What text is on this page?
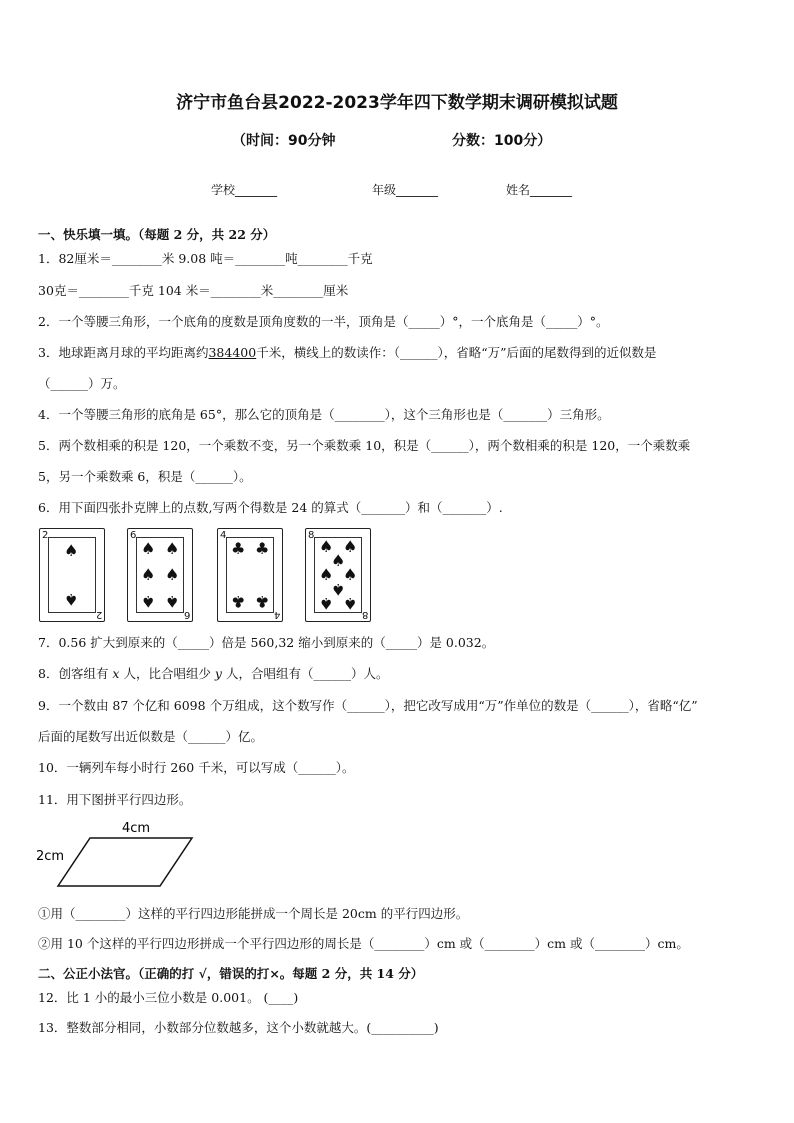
济宁市鱼台县2022-2023学年四下数学期末调研模拟试题
（时间：90分钟	分数：100分）
学校_______	年级_______	姓名_______
一、快乐填一填。（每题 2 分，共 22 分）
1．82厘米＝________米 9.08 吨＝________吨________千克
30克＝________千克 104 米＝________米________厘米
2．一个等腰三角形，一个底角的度数是顶角度数的一半，顶角是（_____）°，一个底角是（_____）°。
3．地球距离月球的平均距离约384400千米，横线上的数读作：（______），省略“万”后面的尾数得到的近似数是
（______）万。
4．一个等腰三角形的底角是 65°，那么它的顶角是（________），这个三角形也是（_______）三角形。
5．两个数相乘的积是 120，一个乘数不变，另一个乘数乘 10，积是（______），两个数相乘的积是 120，一个乘数乘
5，另一个乘数乘 6，积是（______）。
6．用下面四张扑克牌上的点数,写两个得数是 24 的算式（_______）和（_______）.
2
2
♠
♠
6
6
♠ ♠
♠ ♠
♠ ♠
4
4
♣ ♣
♣ ♣
8
8
♠ ♠
♠
♠ ♠
♠
♠ ♠
7．0.56 扩大到原来的（_____）倍是 560,32 缩小到原来的（_____）是 0.032。
8．创客组有 𝑥 人，比合唱组少 𝑦 人，合唱组有（______）人。
9．一个数由 87 个亿和 6098 个万组成，这个数写作（______），把它改写成用“万”作单位的数是（______），省略“亿”
后面的尾数写出近似数是（______）亿。
10．一辆列车每小时行 260 千米，可以写成（______）。
11．用下图拼平行四边形。
4cm
2cm
①用（________）这样的平行四边形能拼成一个周长是 20cm 的平行四边形。
②用 10 个这样的平行四边形拼成一个平行四边形的周长是（________）cm 或（________）cm 或（________）cm。
二、公正小法官。（正确的打 √，错误的打×。每题 2 分，共 14 分）
12．比 1 小的最小三位小数是 0.001。 (____)
13．整数部分相同，小数部分位数越多，这个小数就越大。(__________)
